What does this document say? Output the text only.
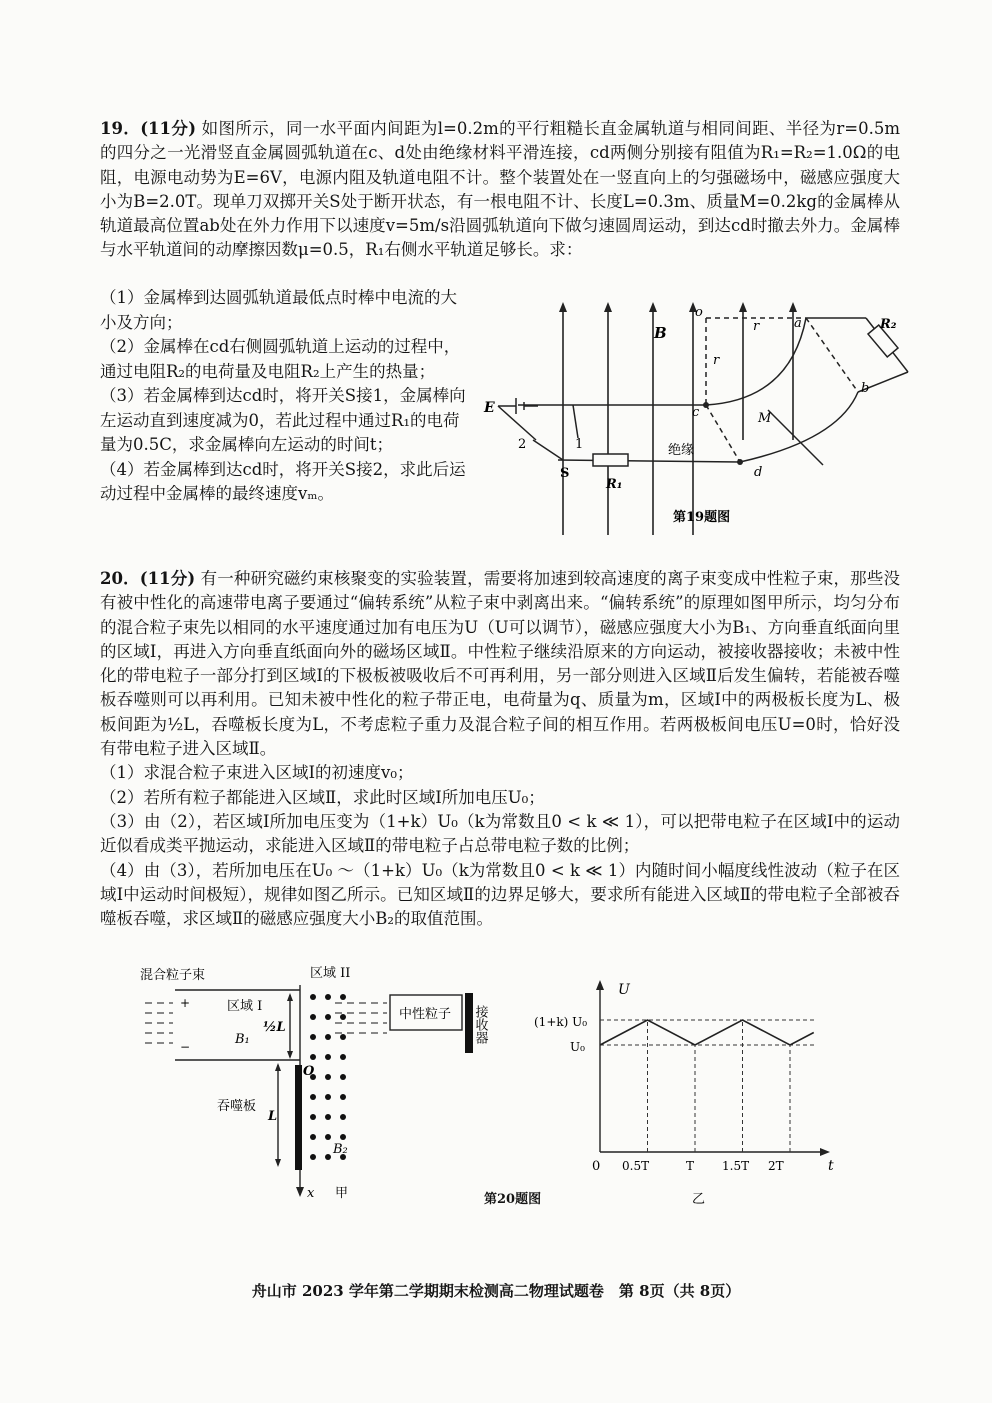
19．(11分) 如图所示，同一水平面内间距为l=0.2m的平行粗糙长直金属轨道与相同间距、半径为r=0.5m的四分之一光滑竖直金属圆弧轨道在c、d处由绝缘材料平滑连接，cd两侧分别接有阻值为R₁=R₂=1.0Ω的电阻，电源电动势为E=6V，电源内阻及轨道电阻不计。整个装置处在一竖直向上的匀强磁场中，磁感应强度大小为B=2.0T。现单刀双掷开关S处于断开状态，有一根电阻不计、长度L=0.3m、质量M=0.2kg的金属棒从轨道最高位置ab处在外力作用下以速度v=5m/s沿圆弧轨道向下做匀速圆周运动，到达cd时撤去外力。金属棒与水平轨道间的动摩擦因数μ=0.5，R₁右侧水平轨道足够长。求：

（1）金属棒到达圆弧轨道最低点时棒中电流的大小及方向；

（2）金属棒在cd右侧圆弧轨道上运动的过程中，通过电阻R₂的电荷量及电阻R₂上产生的热量；

（3）若金属棒到达cd时，将开关S接1，金属棒向左运动直到速度减为0，若此过程中通过R₁的电荷量为0.5C，求金属棒向左运动的时间t；

（4）若金属棒到达cd时，将开关S接2，求此后运动过程中金属棒的最终速度vₘ。

B
o
r
r
a
b
c
d
M
E
1
2
S
R₁
R₂
绝缘
第19题图
20．(11分) 有一种研究磁约束核聚变的实验装置，需要将加速到较高速度的离子束变成中性粒子束，那些没有被中性化的高速带电离子要通过“偏转系统”从粒子束中剥离出来。“偏转系统”的原理如图甲所示，均匀分布的混合粒子束先以相同的水平速度通过加有电压为U（U可以调节），磁感应强度大小为B₁、方向垂直纸面向里的区域Ⅰ，再进入方向垂直纸面向外的磁场区域Ⅱ。中性粒子继续沿原来的方向运动，被接收器接收；未被中性化的带电粒子一部分打到区域Ⅰ的下极板被吸收后不可再利用，另一部分则进入区域Ⅱ后发生偏转，若能被吞噬板吞噬则可以再利用。已知未被中性化的粒子带正电，电荷量为q、质量为m，区域Ⅰ中的两极板长度为L、极板间距为½L，吞噬板长度为L，不考虑粒子重力及混合粒子间的相互作用。若两极板间电压U=0时，恰好没有带电粒子进入区域Ⅱ。

（1）求混合粒子束进入区域Ⅰ的初速度v₀；

（2）若所有粒子都能进入区域Ⅱ，求此时区域Ⅰ所加电压U₀；

（3）由（2），若区域Ⅰ所加电压变为（1+k）U₀（k为常数且0 < k ≪ 1），可以把带电粒子在区域Ⅰ中的运动近似看成类平抛运动，求能进入区域Ⅱ的带电粒子占总带电粒子数的比例；

（4）由（3），若所加电压在U₀ ～（1+k）U₀（k为常数且0 < k ≪ 1）内随时间小幅度线性波动（粒子在区域Ⅰ中运动时间极短），规律如图乙所示。已知区域Ⅱ的边界足够大，要求所有能进入区域Ⅱ的带电粒子全部被吞噬板吞噬，求区域Ⅱ的磁感应强度大小B₂的取值范围。

混合粒子束	区域 II
区域 I
½L
B₁
+
−
O
中性粒子 接收器
吞噬板
L
B₂
x 甲	第20题图
U
t
0
(1+k) U₀
U₀
0.5T	T 1.5T 2T
乙
舟山市 2023 学年第二学期期末检测高二物理试题卷　第 8页（共 8页）
